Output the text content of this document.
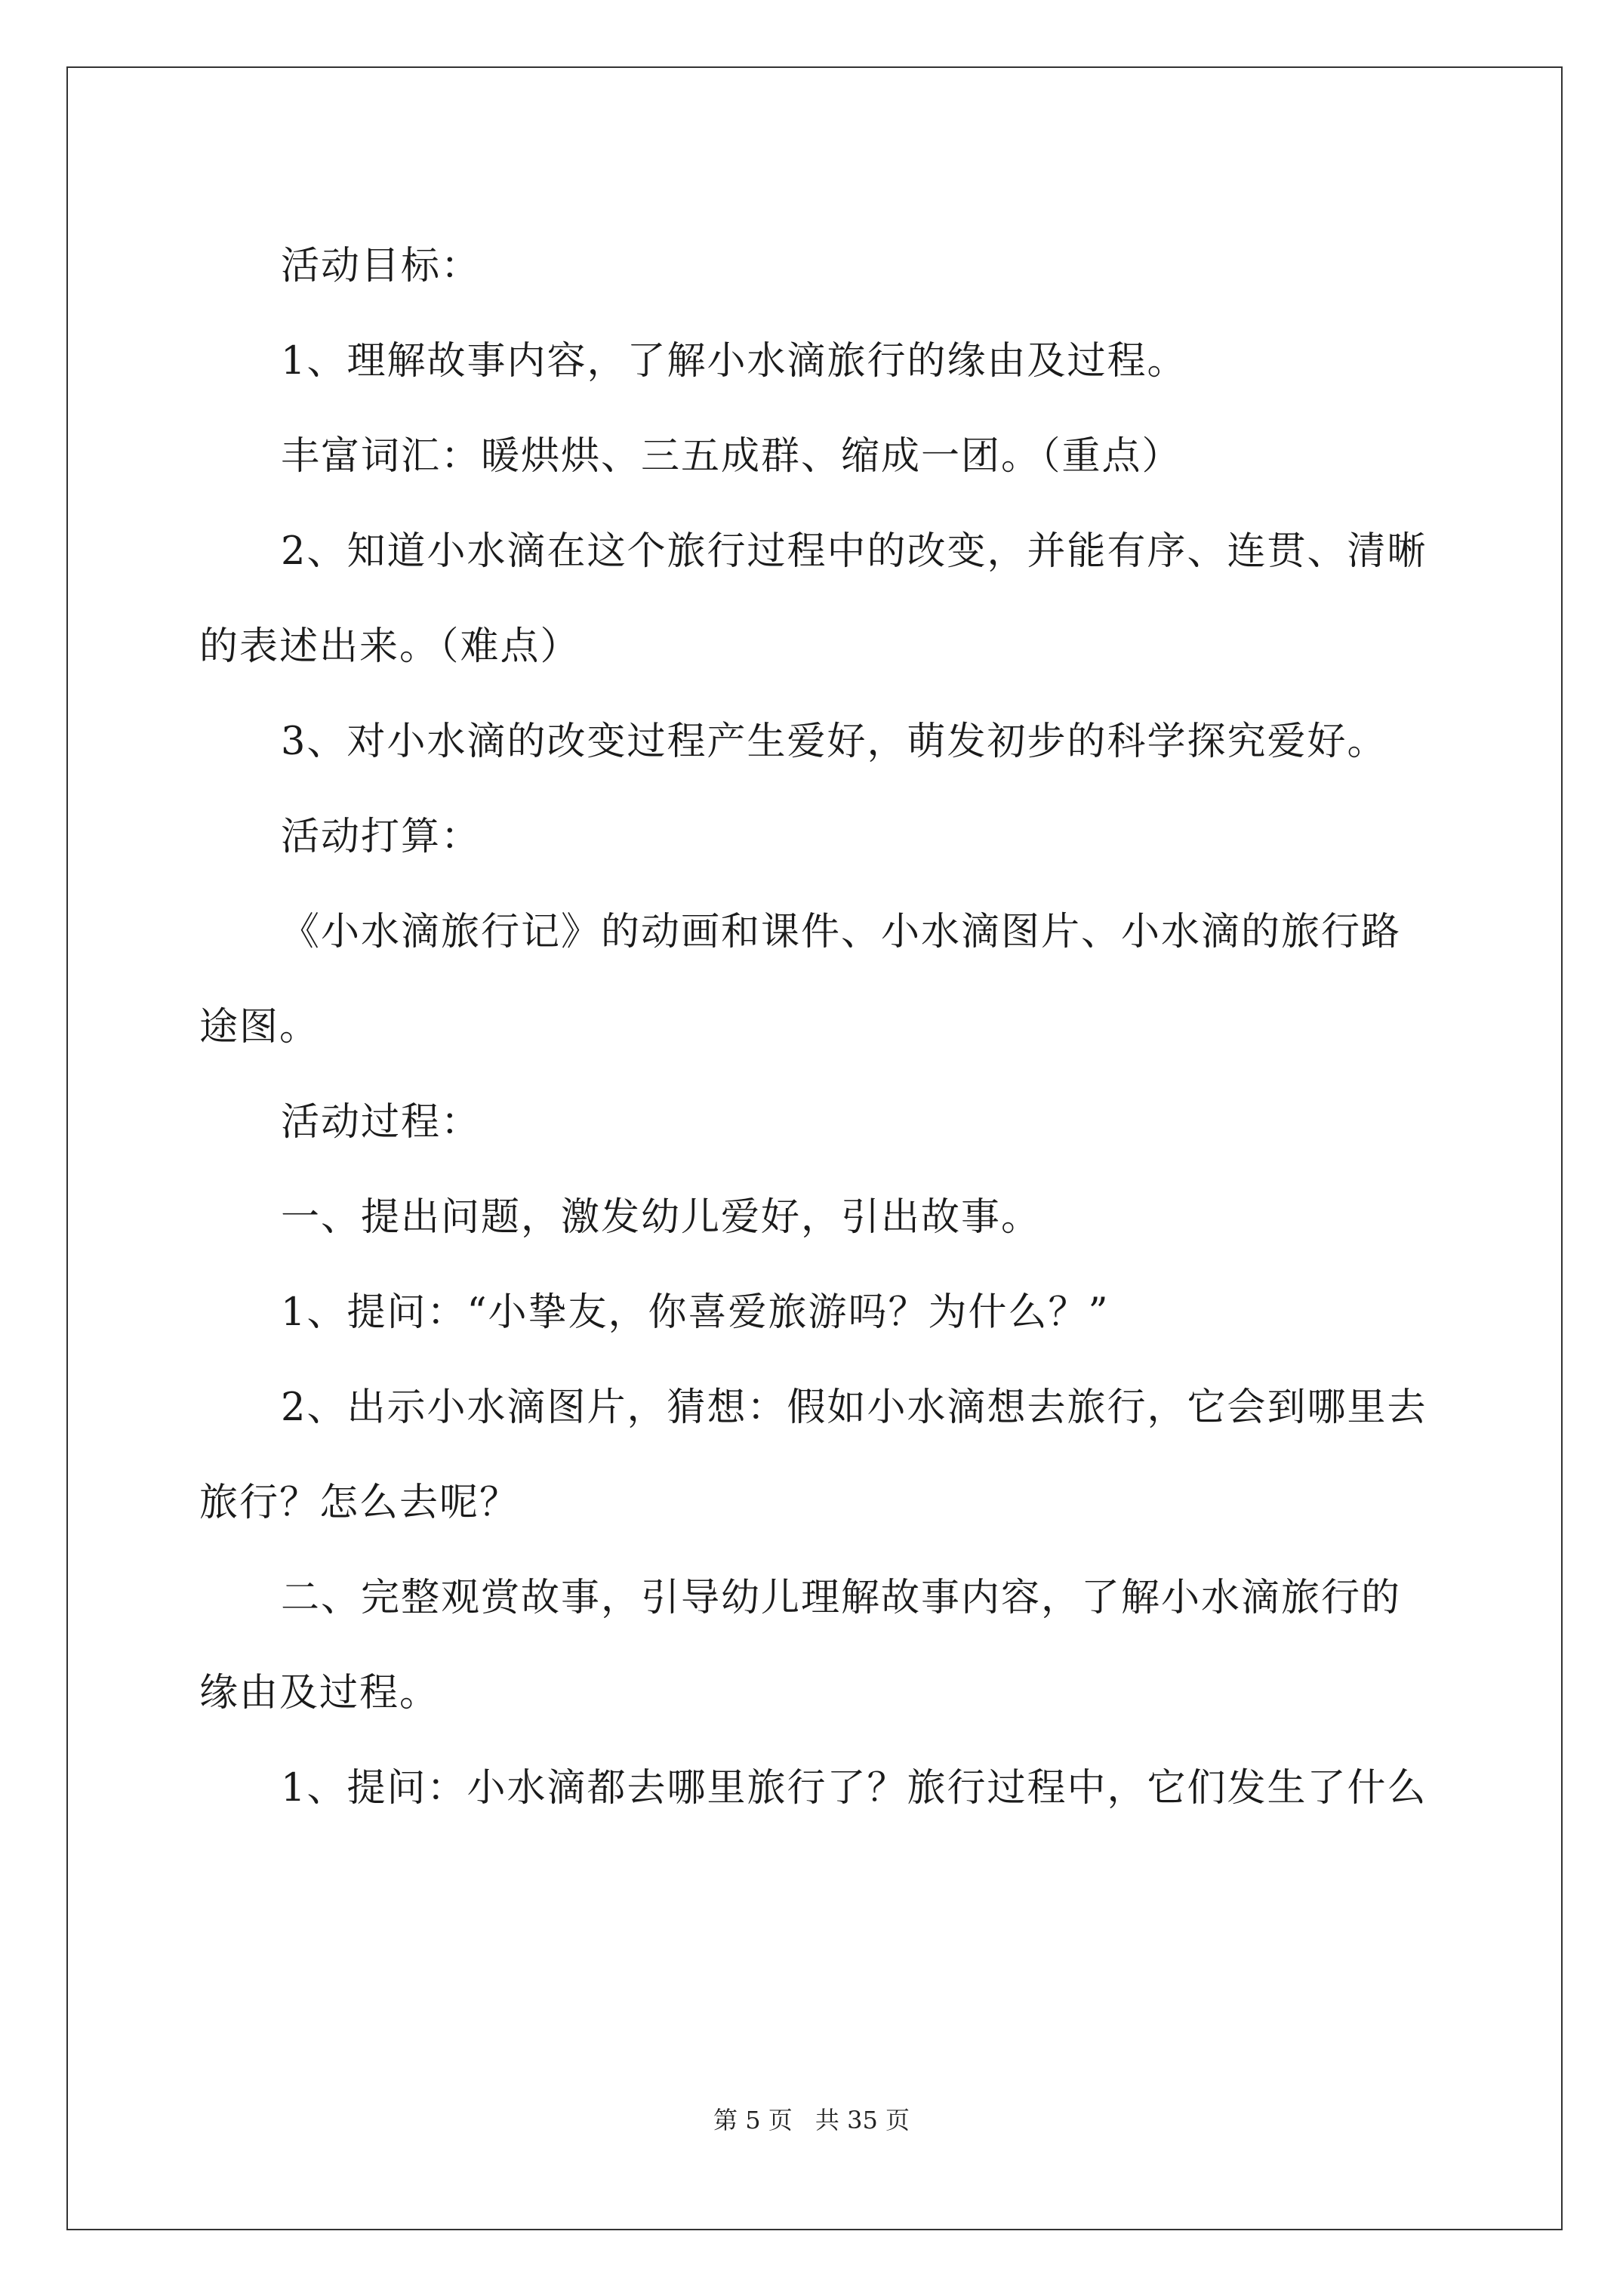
活动目标：

1、理解故事内容，了解小水滴旅行的缘由及过程。

丰富词汇：暖烘烘、三五成群、缩成一团。（重点）

2、知道小水滴在这个旅行过程中的改变，并能有序、连贯、清晰的表述出来。（难点）

3、对小水滴的改变过程产生爱好，萌发初步的科学探究爱好。

活动打算：

《小水滴旅行记》的动画和课件、小水滴图片、小水滴的旅行路途图。

活动过程：

一、提出问题，激发幼儿爱好，引出故事。

1、提问：“小挚友，你喜爱旅游吗？为什么？”

2、出示小水滴图片，猜想：假如小水滴想去旅行，它会到哪里去旅行？怎么去呢？

二、完整观赏故事，引导幼儿理解故事内容，了解小水滴旅行的缘由及过程。

1、提问：小水滴都去哪里旅行了？旅行过程中，它们发生了什么

第 5 页 共 35 页
